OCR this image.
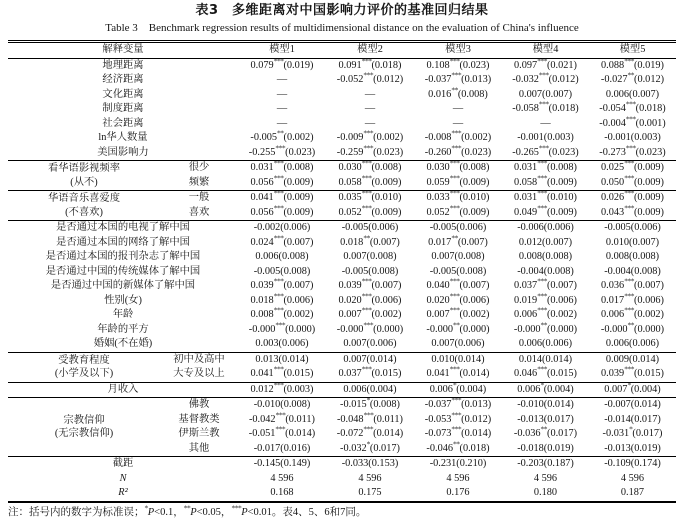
表3　多维距离对中国影响力评价的基准回归结果
Table 3　Benchmark regression results of multidimensional distance on the evaluation of China's influence
解释变量		模型1	模型2	模型3	模型4	模型5
地理距离		0.079***(0.019)	0.091***(0.018)	0.108***(0.023)	0.097***(0.021)	0.088***(0.019)
经济距离		—	-0.052***(0.012)	-0.037***(0.013)	-0.032***(0.012)	-0.027**(0.012)
文化距离		—	—	0.016**(0.008)	0.007(0.007)	0.006(0.007)
制度距离		—	—	—	-0.058***(0.018)	-0.054***(0.018)
社会距离		—	—	—	—	-0.004***(0.001)
ln华人数量		-0.005**(0.002)	-0.009***(0.002)	-0.008***(0.002)	-0.001(0.003)	-0.001(0.003)
美国影响力		-0.255***(0.023)	-0.259***(0.023)	-0.260***(0.023)	-0.265***(0.023)	-0.273***(0.023)

看华语影视频率
(从不)	很少	0.031***(0.008)	0.030***(0.008)	0.030***(0.008)	0.031***(0.008)	0.025***(0.009)
	频繁	0.056***(0.009)	0.058***(0.009)	0.059***(0.009)	0.058***(0.009)	0.050***(0.009)

华语音乐喜爱度
(不喜欢)	一般	0.041***(0.009)	0.035***(0.010)	0.033***(0.010)	0.031***(0.010)	0.026***(0.009)
	喜欢	0.056***(0.009)	0.052***(0.009)	0.052***(0.009)	0.049***(0.009)	0.043***(0.009)
是否通过本国的电视了解中国		-0.002(0.006)	-0.005(0.006)	-0.005(0.006)	-0.006(0.006)	-0.005(0.006)
是否通过本国的网络了解中国		0.024***(0.007)	0.018**(0.007)	0.017**(0.007)	0.012(0.007)	0.010(0.007)
是否通过本国的报刊杂志了解中国		0.006(0.008)	0.007(0.008)	0.007(0.008)	0.008(0.008)	0.008(0.008)
是否通过中国的传统媒体了解中国		-0.005(0.008)	-0.005(0.008)	-0.005(0.008)	-0.004(0.008)	-0.004(0.008)
是否通过中国的新媒体了解中国		0.039***(0.007)	0.039***(0.007)	0.040***(0.007)	0.037***(0.007)	0.036***(0.007)
性别(女)		0.018***(0.006)	0.020***(0.006)	0.020***(0.006)	0.019***(0.006)	0.017***(0.006)
年龄		0.008***(0.002)	0.007***(0.002)	0.007***(0.002)	0.006***(0.002)	0.006***(0.002)
年龄的平方		-0.000***(0.000)	-0.000***(0.000)	-0.000**(0.000)	-0.000**(0.000)	-0.000**(0.000)
婚姻(不在婚)		0.003(0.006)	0.007(0.006)	0.007(0.006)	0.006(0.006)	0.006(0.006)

受教育程度
(小学及以下)	初中及高中	0.013(0.014)	0.007(0.014)	0.010(0.014)	0.014(0.014)	0.009(0.014)
	大专及以上	0.041***(0.015)	0.037***(0.015)	0.041***(0.014)	0.046***(0.015)	0.039***(0.015)
月收入		0.012***(0.003)	0.006(0.004)	0.006*(0.004)	0.006*(0.004)	0.007*(0.004)

宗教信仰
(无宗教信仰)	佛教	-0.010(0.008)	-0.015*(0.008)	-0.037***(0.013)	-0.010(0.014)	-0.007(0.014)
	基督教类	-0.042***(0.011)	-0.048***(0.011)	-0.053***(0.012)	-0.013(0.017)	-0.014(0.017)
	伊斯兰教	-0.051***(0.014)	-0.072***(0.014)	-0.073***(0.014)	-0.036**(0.017)	-0.031*(0.017)
	其他	-0.017(0.016)	-0.032*(0.017)	-0.046**(0.018)	-0.018(0.019)	-0.013(0.019)
截距		-0.145(0.149)	-0.033(0.153)	-0.231(0.210)	-0.203(0.187)	-0.109(0.174)
N		4 596	4 596	4 596	4 596	4 596
R²		0.168	0.175	0.176	0.180	0.187
注：括号内的数字为标准误；*P<0.1，**P<0.05，***P<0.01。表4、5、6和7同。
